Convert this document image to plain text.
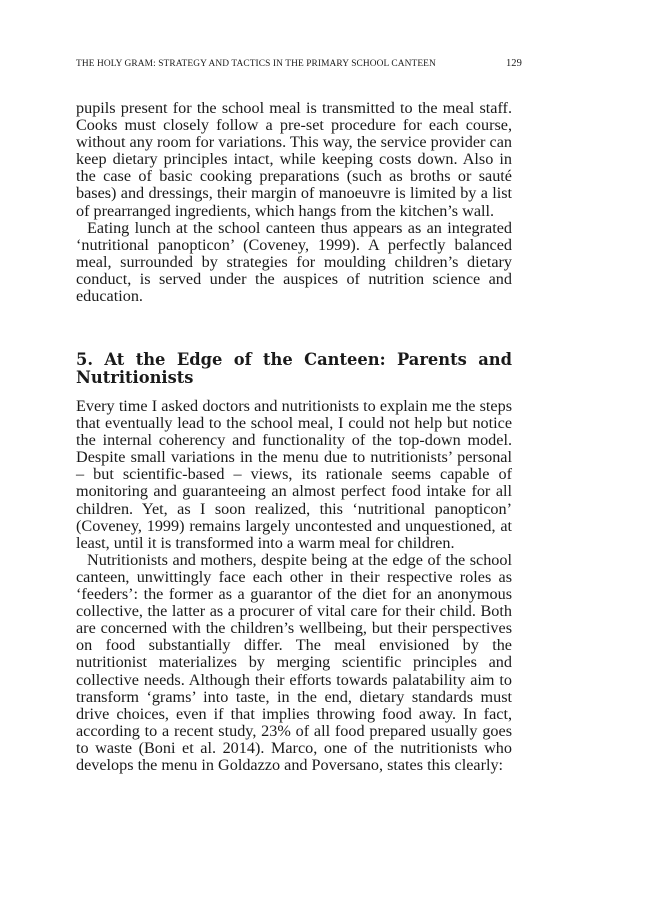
THE HOLY GRAM: STRATEGY AND TACTICS IN THE PRIMARY SCHOOL CANTEEN	129

pupils present for the school meal is transmitted to the meal staff. Cooks must closely follow a pre-set procedure for each course, without any room for variations. This way, the service provider can keep dietary principles intact, while keeping costs down. Also in the case of basic cooking preparations (such as broths or sauté bases) and dressings, their margin of manoeuvre is limited by a list of prearranged ingredients, which hangs from the kitchen’s wall.

Eating lunch at the school canteen thus appears as an integrated ‘nutritional panopticon’ (Coveney, 1999). A perfectly balanced meal, surrounded by strategies for moulding children’s dietary conduct, is served under the auspices of nutrition science and education.

5. At the Edge of the Canteen: Parents and Nutritionists

Every time I asked doctors and nutritionists to explain me the steps that eventually lead to the school meal, I could not help but notice the internal coherency and functionality of the top-down model. Despite small variations in the menu due to nutritionists’ personal – but scientific-based – views, its rationale seems capable of monitoring and guaranteeing an almost perfect food intake for all children. Yet, as I soon realized, this ‘nutritional panopticon’ (Coveney, 1999) remains largely uncontested and unquestioned, at least, until it is transformed into a warm meal for children.

Nutritionists and mothers, despite being at the edge of the school canteen, unwittingly face each other in their respective roles as ‘feeders’: the former as a guarantor of the diet for an anonymous collective, the latter as a procurer of vital care for their child. Both are concerned with the children’s wellbeing, but their perspectives on food substantially differ. The meal envisioned by the nutritionist materializes by merging scientific principles and collective needs. Although their efforts towards palatability aim to transform ‘grams’ into taste, in the end, dietary standards must drive choices, even if that implies throwing food away. In fact, according to a recent study, 23% of all food prepared usually goes to waste (Boni et al. 2014). Marco, one of the nutritionists who develops the menu in Goldazzo and Poversano, states this clearly:
